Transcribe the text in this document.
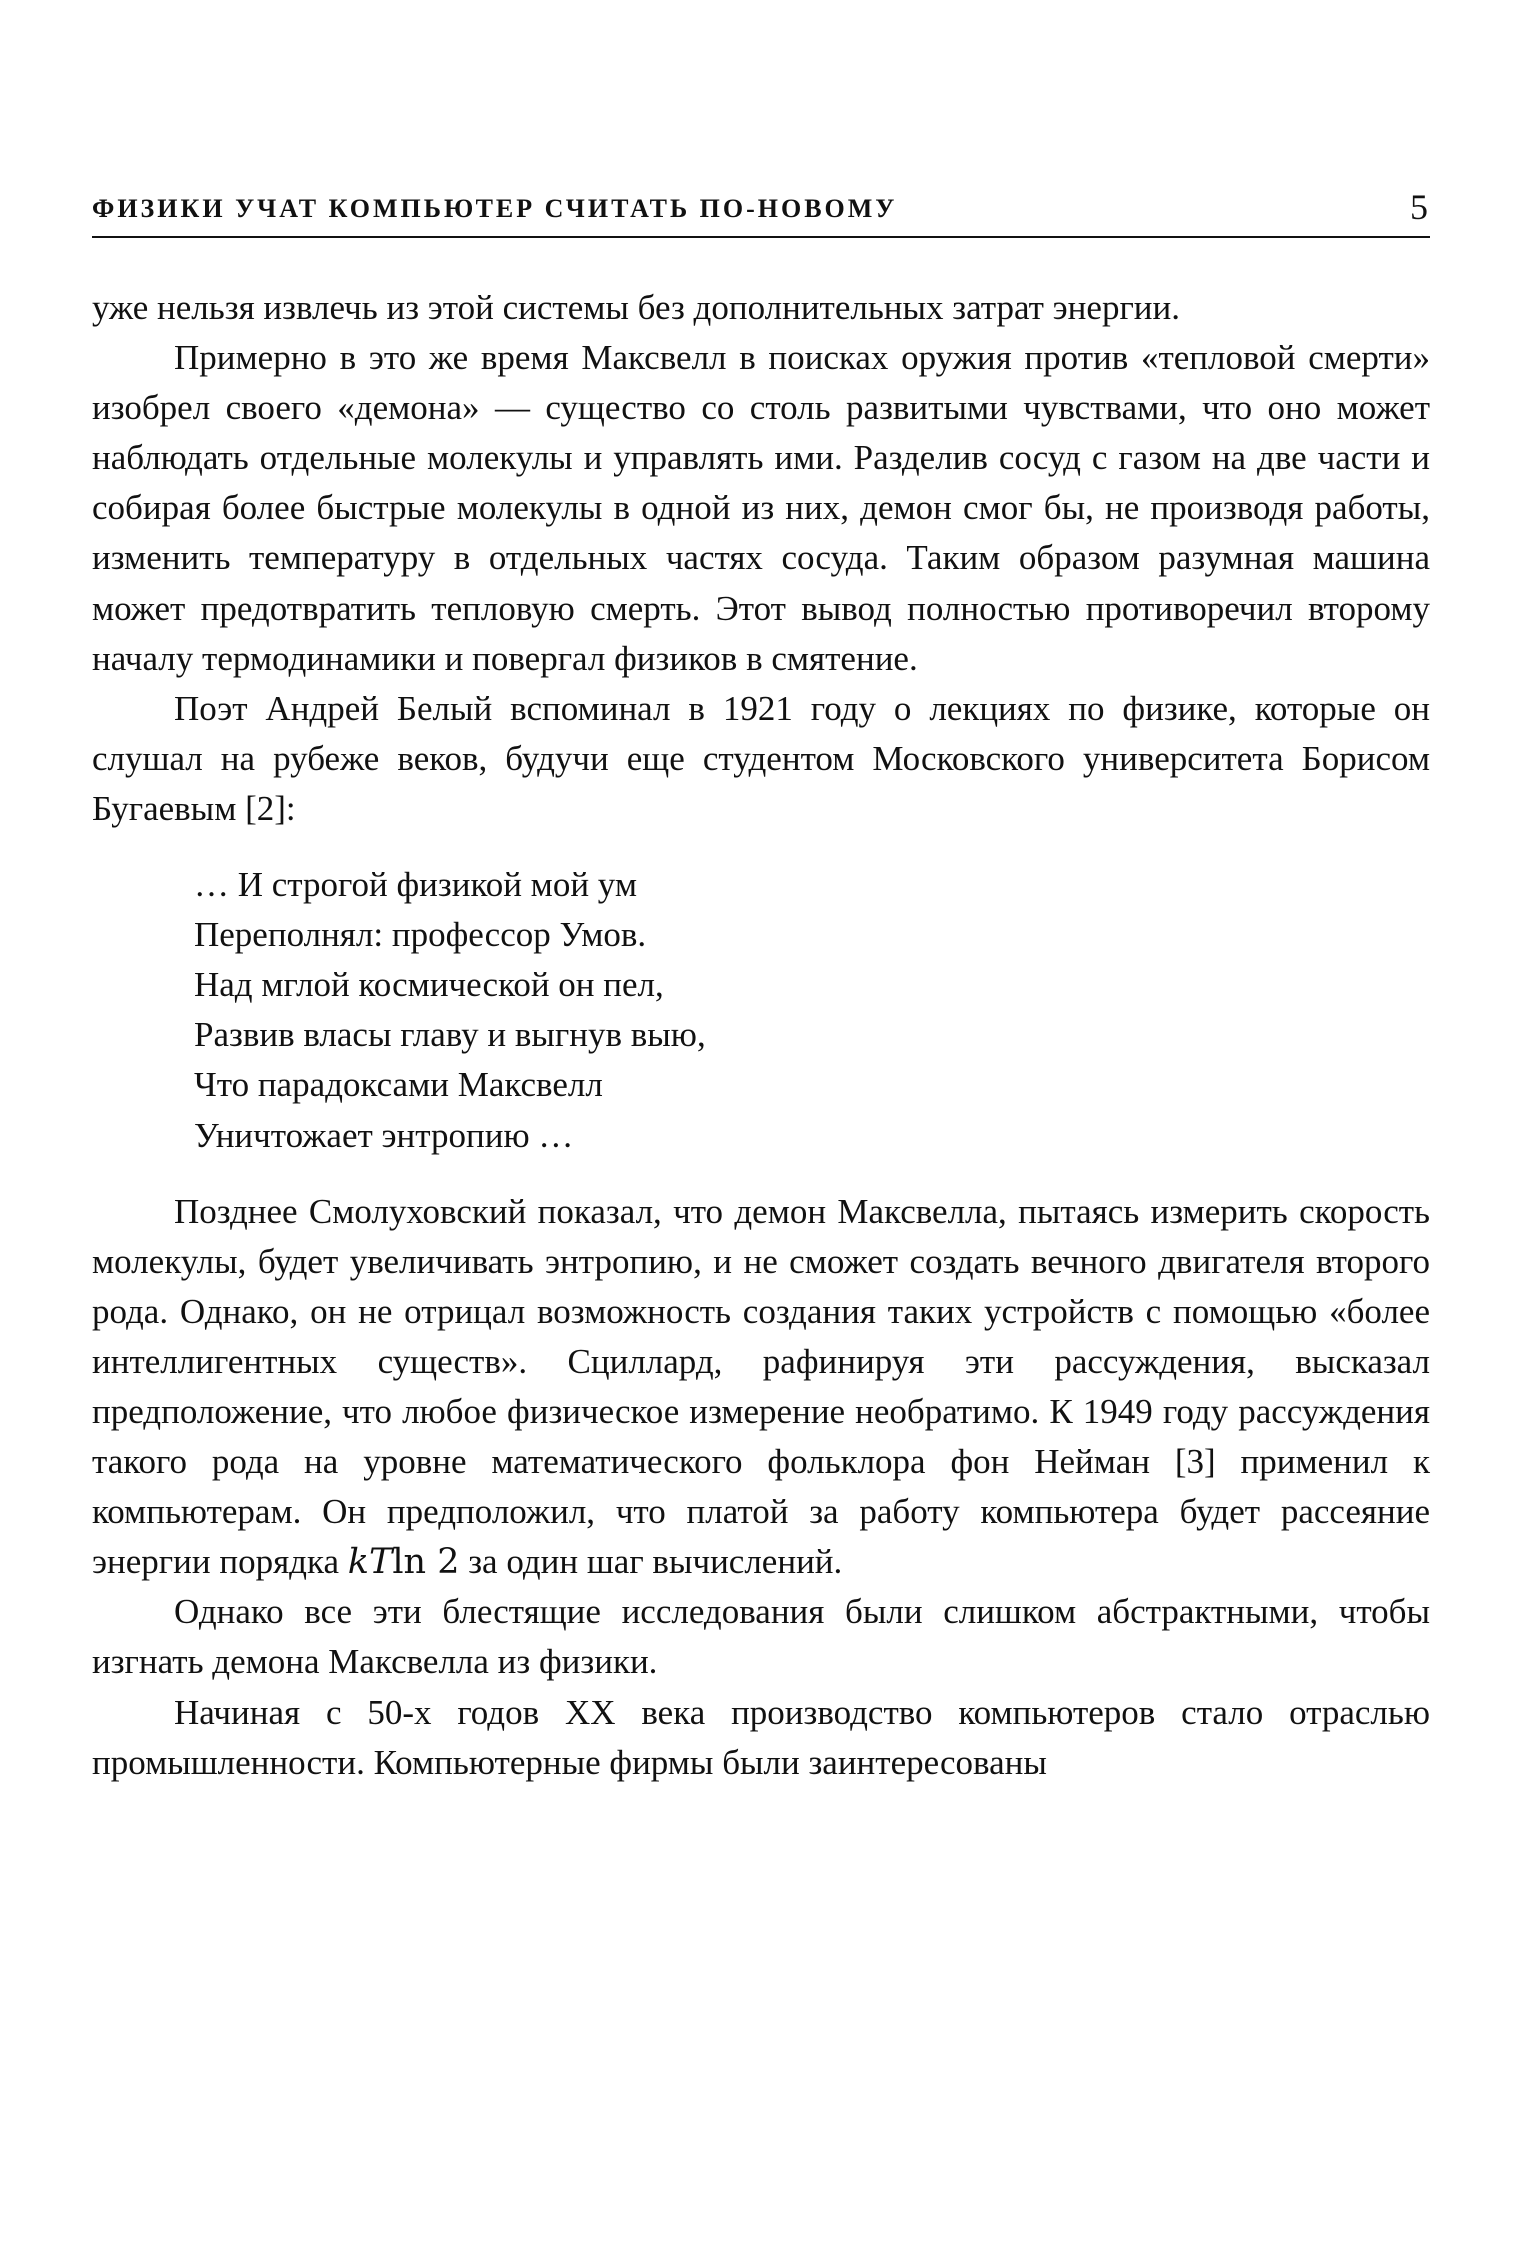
ФИЗИКИ УЧАТ КОМПЬЮТЕР СЧИТАТЬ ПО-НОВОМУ	5

уже нельзя извлечь из этой системы без дополнительных затрат энергии.

Примерно в это же время Максвелл в поисках оружия против «тепловой смерти» изобрел своего «демона» — существо со столь развитыми чувствами, что оно может наблюдать отдельные молекулы и управлять ими. Разделив сосуд с газом на две части и собирая более быстрые молекулы в одной из них, демон смог бы, не производя работы, изменить температуру в отдельных частях сосуда. Таким образом разумная машина может предотвратить тепловую смерть. Этот вывод полностью противоречил второму началу термодинамики и повергал физиков в смятение.

Поэт Андрей Белый вспоминал в 1921 году о лекциях по физике, которые он слушал на рубеже веков, будучи еще студентом Московского университета Борисом Бугаевым [2]:

… И строгой физикой мой ум
Переполнял: профессор Умов.
Над мглой космической он пел,
Развив власы главу и выгнув выю,
Что парадоксами Максвелл
Уничтожает энтропию …

Позднее Смолуховский показал, что демон Максвелла, пытаясь измерить скорость молекулы, будет увеличивать энтропию, и не сможет создать вечного двигателя второго рода. Однако, он не отрицал возможность создания таких устройств с помощью «более интеллигентных существ». Сциллард, рафинируя эти рассуждения, высказал предположение, что любое физическое измерение необратимо. К 1949 году рассуждения такого рода на уровне математического фольклора фон Нейман [3] применил к компьютерам. Он предположил, что платой за работу компьютера будет рассеяние энергии порядка kTln 2 за один шаг вычислений.

Однако все эти блестящие исследования были слишком абстрактными, чтобы изгнать демона Максвелла из физики.

Начиная с 50-х годов XX века производство компьютеров стало отраслью промышленности. Компьютерные фирмы были заинтересованы
